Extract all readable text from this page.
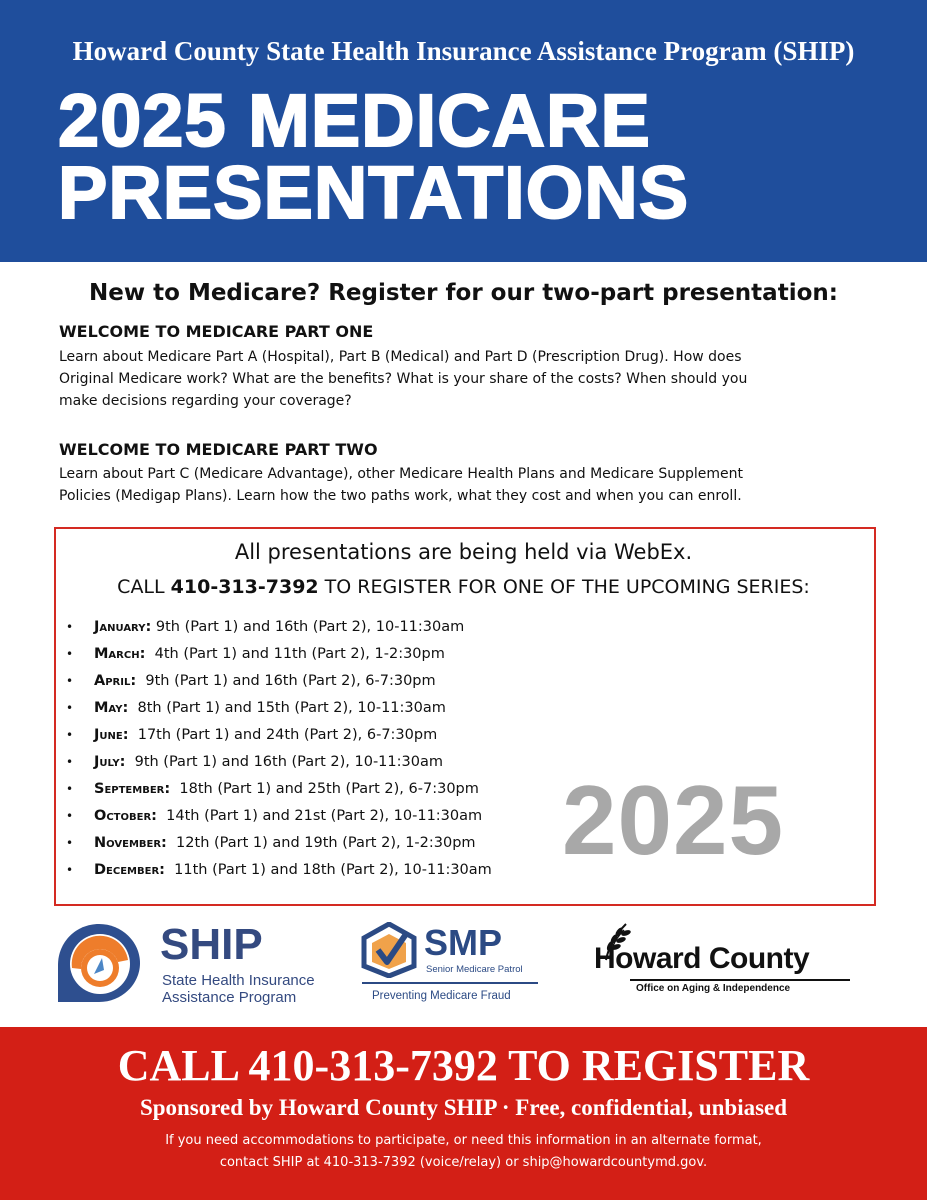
Howard County State Health Insurance Assistance Program (SHIP)
2025 MEDICARE
PRESENTATIONS
New to Medicare? Register for our two-part presentation:
WELCOME TO MEDICARE PART ONE
Learn about Medicare Part A (Hospital), Part B (Medical) and Part D (Prescription Drug). How does
Original Medicare work? What are the benefits? What is your share of the costs? When should you
make decisions regarding your coverage?
WELCOME TO MEDICARE PART TWO
Learn about Part C (Medicare Advantage), other Medicare Health Plans and Medicare Supplement
Policies (Medigap Plans). Learn how the two paths work, what they cost and when you can enroll.
All presentations are being held via WebEx.
CALL 410-313-7392 TO REGISTER FOR ONE OF THE UPCOMING SERIES:
• January: 9th (Part 1) and 16th (Part 2), 10-11:30am
• March:  4th (Part 1) and 11th (Part 2), 1-2:30pm
• April:  9th (Part 1) and 16th (Part 2), 6-7:30pm
• May:  8th (Part 1) and 15th (Part 2), 10-11:30am
• June:  17th (Part 1) and 24th (Part 2), 6-7:30pm
• July:  9th (Part 1) and 16th (Part 2), 10-11:30am
• September:  18th (Part 1) and 25th (Part 2), 6-7:30pm
• October:  14th (Part 1) and 21st (Part 2), 10-11:30am
• November:  12th (Part 1) and 19th (Part 2), 1-2:30pm
• December:  11th (Part 1) and 18th (Part 2), 10-11:30am 2025
SHIP
State Health Insurance
Assistance Program
SMP
Senior Medicare Patrol
Preventing Medicare Fraud
Howard County
Office on Aging & Independence
CALL 410-313-7392 TO REGISTER
Sponsored by Howard County SHIP · Free, confidential, unbiased
If you need accommodations to participate, or need this information in an alternate format,
contact SHIP at 410-313-7392 (voice/relay) or ship@howardcountymd.gov.
